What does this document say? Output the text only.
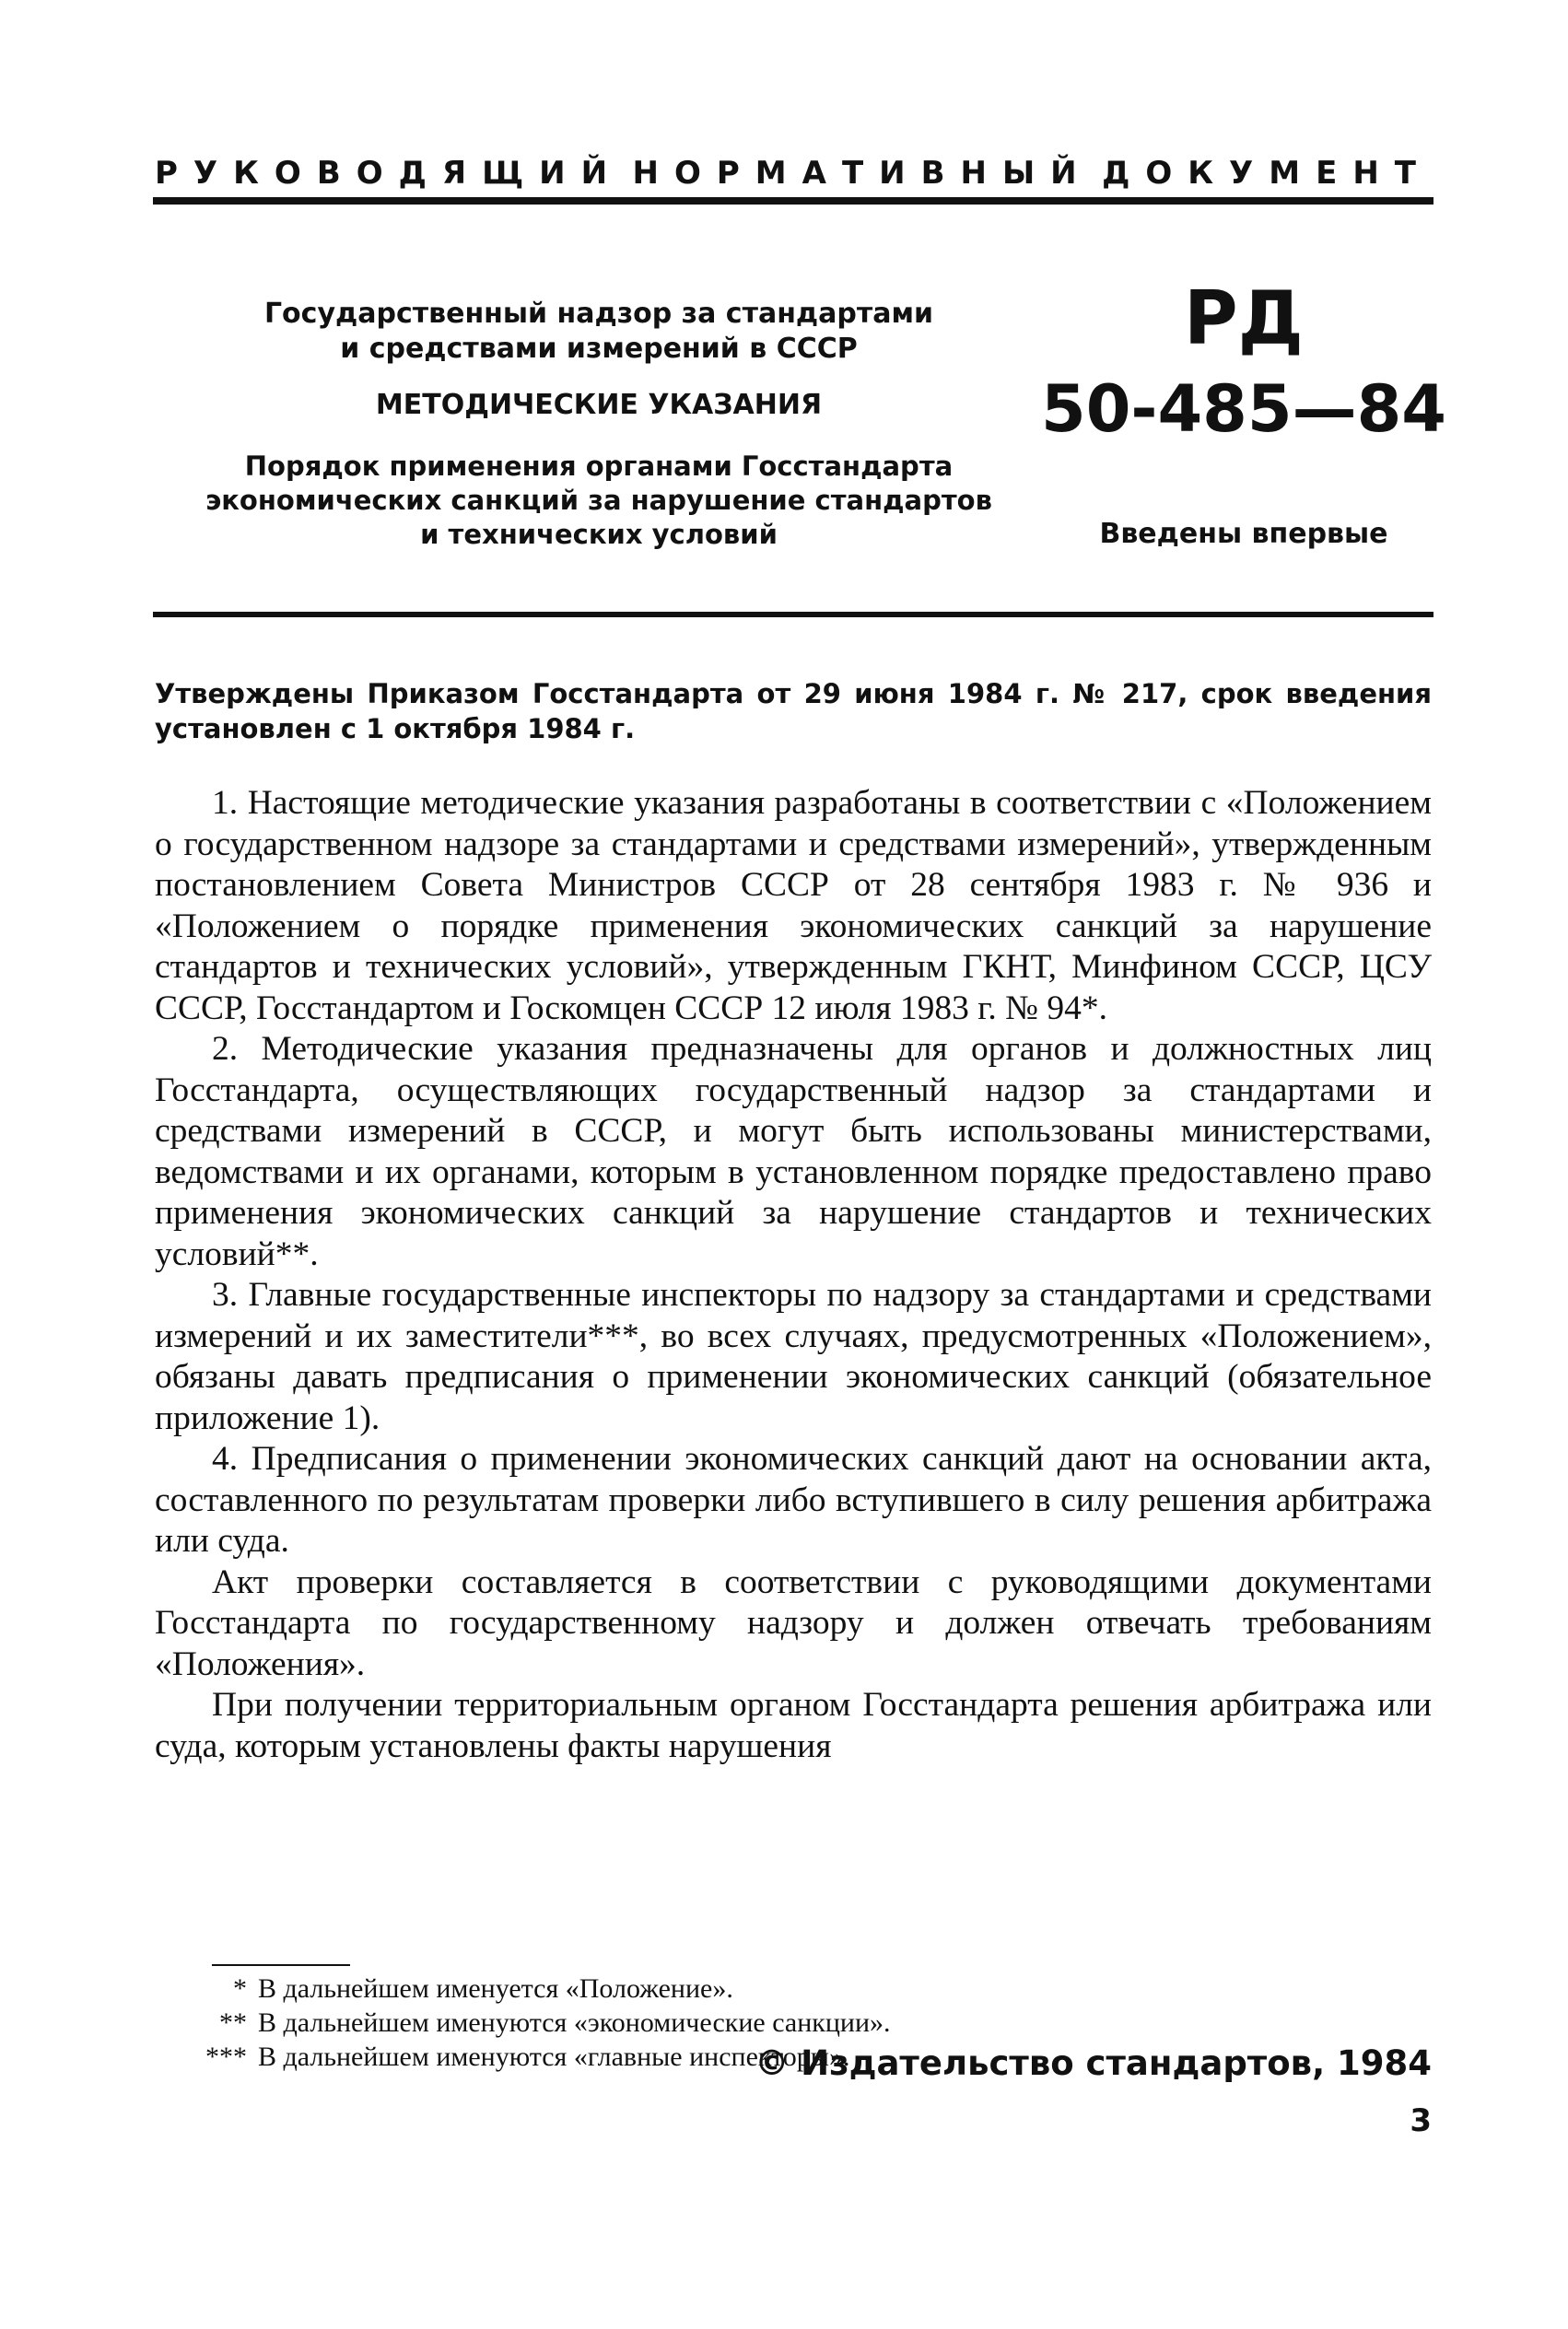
РУКОВОДЯЩИЙ НОРМАТИВНЫЙ ДОКУМЕНТ
Государственный надзор за стандартами
и средствами измерений в СССР
МЕТОДИЧЕСКИЕ УКАЗАНИЯ
Порядок применения органами Госстандарта
экономических санкций за нарушение стандартов
и технических условий
РД
50-485—84
Введены впервые
Утверждены Приказом Госстандарта от 29 июня 1984 г. № 217, срок введения установлен с 1 октября 1984 г.

1. Настоящие методические указания разработаны в соответствии с «Положением о государственном надзоре за стандартами и средствами измерений», утвержденным постановлением Совета Министров СССР от 28 сентября 1983 г. № 936 и «Положением о порядке применения экономических санкций за нарушение стандартов и технических условий», утвержденным ГКНТ, Минфином СССР, ЦСУ СССР, Госстандартом и Госкомцен СССР 12 июля 1983 г. № 94*.

2. Методические указания предназначены для органов и должностных лиц Госстандарта, осуществляющих государственный надзор за стандартами и средствами измерений в СССР, и могут быть использованы министерствами, ведомствами и их органами, которым в установленном порядке предоставлено право применения экономических санкций за нарушение стандартов и технических условий**.

3. Главные государственные инспекторы по надзору за стандартами и средствами измерений и их заместители***, во всех случаях, предусмотренных «Положением», обязаны давать предписания о применении экономических санкций (обязательное приложение 1).

4. Предписания о применении экономических санкций дают на основании акта, составленного по результатам проверки либо вступившего в силу решения арбитража или суда.

Акт проверки составляется в соответствии с руководящими документами Госстандарта по государственному надзору и должен отвечать требованиям «Положения».

При получении территориальным органом Госстандарта решения арбитража или суда, которым установлены факты нарушения

* В дальнейшем именуется «Положение».
** В дальнейшем именуются «экономические санкции».
*** В дальнейшем именуются «главные инспекторы».
© Издательство стандартов, 1984
3
